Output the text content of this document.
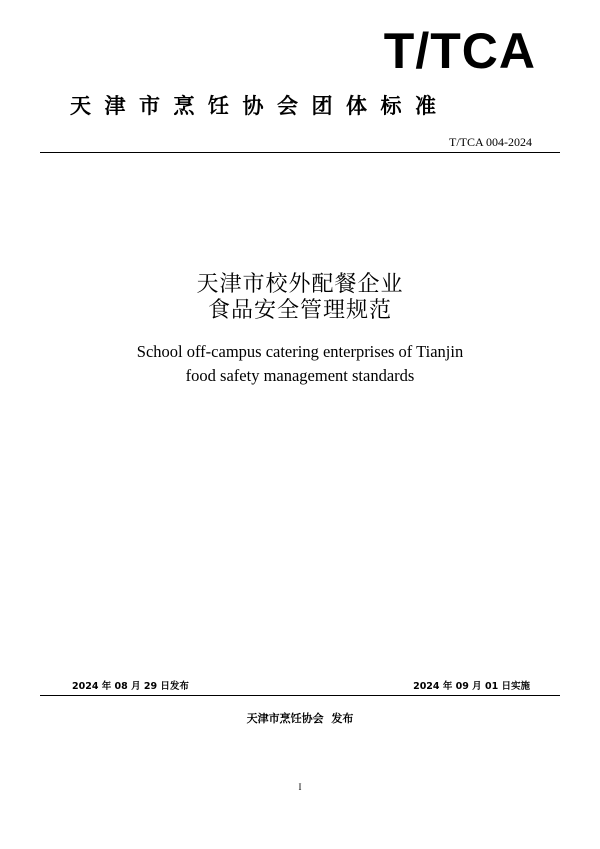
T/TCA
天津市烹饪协会团体标准
T/TCA 004-2024
天津市校外配餐企业
食品安全管理规范
School off-campus catering enterprises of Tianjin
food safety management standards
2024 年 08 月 29 日发布	2024 年 09 月 01 日实施
天津市烹饪协会  发布
I
